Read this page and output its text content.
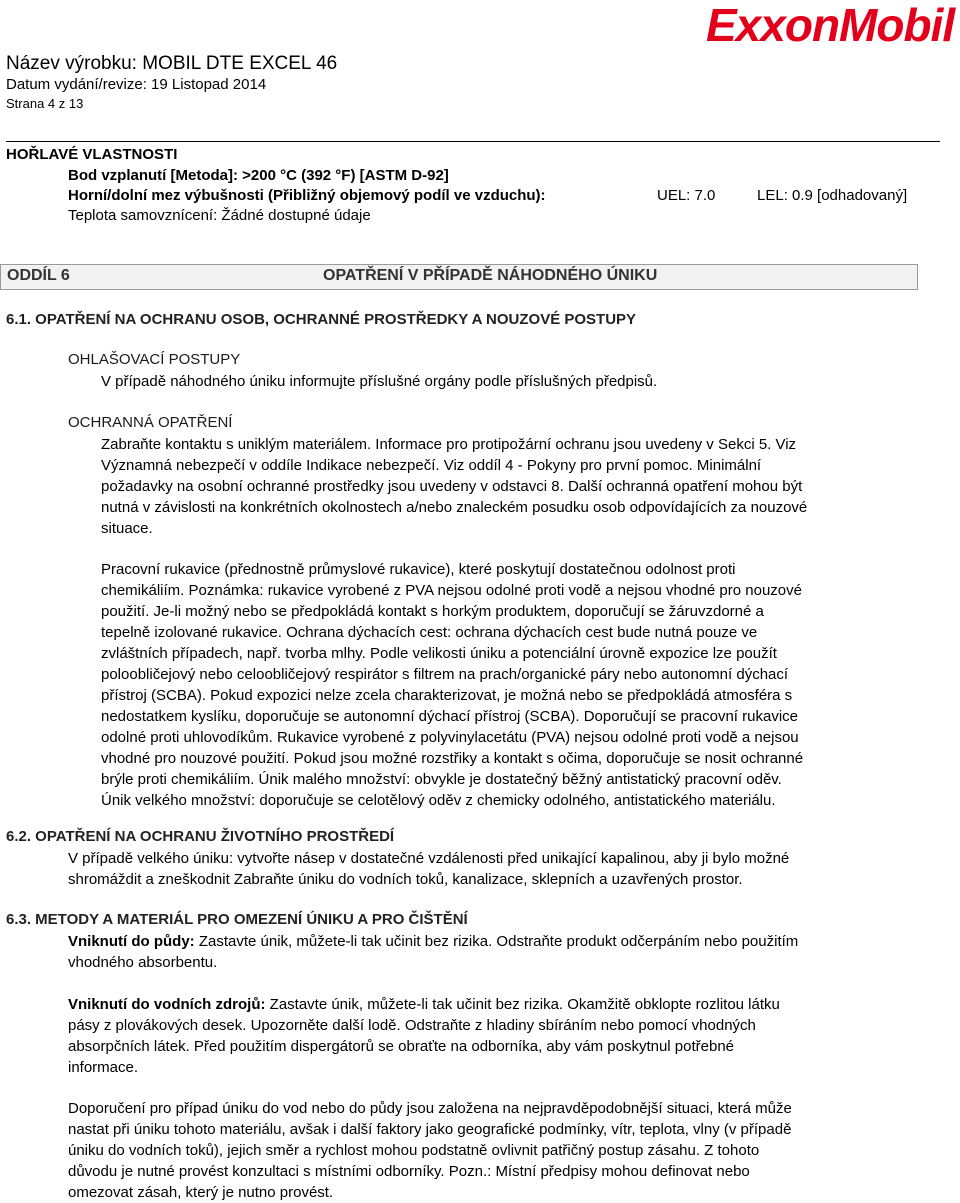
ExxonMobil
Název výrobku: MOBIL DTE EXCEL 46
Datum vydání/revize: 19 Listopad 2014
Strana 4 z 13
HOŘLAVÉ VLASTNOSTI
Bod vzplanutí [Metoda]: >200 °C (392 °F) [ASTM D-92]
Horní/dolní mez výbušnosti (Přibližný objemový podíl ve vzduchu):	UEL: 7.0	LEL: 0.9 [odhadovaný]
Teplota samovznícení: Žádné dostupné údaje
ODDÍL 6	OPATŘENÍ V PŘÍPADĚ NÁHODNÉHO ÚNIKU
6.1. OPATŘENÍ NA OCHRANU OSOB, OCHRANNÉ PROSTŘEDKY A NOUZOVÉ POSTUPY
OHLAŠOVACÍ POSTUPY
V případě náhodného úniku informujte příslušné orgány podle příslušných předpisů.
OCHRANNÁ OPATŘENÍ
Zabraňte kontaktu s uniklým materiálem. Informace pro protipožární ochranu jsou uvedeny v Sekci 5. Viz
Významná nebezpečí v oddíle Indikace nebezpečí. Viz oddíl 4 - Pokyny pro první pomoc. Minimální
požadavky na osobní ochranné prostředky jsou uvedeny v odstavci 8. Další ochranná opatření mohou být
nutná v závislosti na konkrétních okolnostech a/nebo znaleckém posudku osob odpovídajících za nouzové
situace.
Pracovní rukavice (přednostně průmyslové rukavice), které poskytují dostatečnou odolnost proti
chemikáliím. Poznámka: rukavice vyrobené z PVA nejsou odolné proti vodě a nejsou vhodné pro nouzové
použití. Je-li možný nebo se předpokládá kontakt s horkým produktem, doporučují se žáruvzdorné a
tepelně izolované rukavice. Ochrana dýchacích cest: ochrana dýchacích cest bude nutná pouze ve
zvláštních případech, např. tvorba mlhy. Podle velikosti úniku a potenciální úrovně expozice lze použít
polooblіčejový nebo celooblіčejový respirátor s filtrem na prach/organické páry nebo autonomní dýchací
přístroj (SCBA). Pokud expozici nelze zcela charakterizovat, je možná nebo se předpokládá atmosféra s
nedostatkem kyslíku, doporučuje se autonomní dýchací přístroj (SCBA). Doporučují se pracovní rukavice
odolné proti uhlovodíkům. Rukavice vyrobené z polyvinylacetátu (PVA) nejsou odolné proti vodě a nejsou
vhodné pro nouzové použití. Pokud jsou možné rozstřiky a kontakt s očima, doporučuje se nosit ochranné
brýle proti chemikáliím. Únik malého množství: obvykle je dostatečný běžný antistatický pracovní oděv.
Únik velkého množství: doporučuje se celotělový oděv z chemicky odolného, antistatického materiálu.
6.2. OPATŘENÍ NA OCHRANU ŽIVOTNÍHO PROSTŘEDÍ
V případě velkého úniku: vytvořte násep v dostatečné vzdálenosti před unikající kapalinou, aby ji bylo možné
shromáždit a zneškodnit Zabraňte úniku do vodních toků, kanalizace, sklepních a uzavřených prostor.
6.3. METODY A MATERIÁL PRO OMEZENÍ ÚNIKU A PRO ČIŠTĚNÍ
Vniknutí do půdy: Zastavte únik, můžete-li tak učinit bez rizika. Odstraňte produkt odčerpáním nebo použitím
vhodného absorbentu.
Vniknutí do vodních zdrojů: Zastavte únik, můžete-li tak učinit bez rizika. Okamžitě obklopte rozlitou látku
pásy z plovákových desek. Upozorněte další lodě. Odstraňte z hladiny sbíráním nebo pomocí vhodných
absorpčních látek. Před použitím dispergátorů se obraťte na odborníka, aby vám poskytnul potřebné
informace.
Doporučení pro případ úniku do vod nebo do půdy jsou založena na nejpravděpodobnější situaci, která může
nastat při úniku tohoto materiálu, avšak i další faktory jako geografické podmínky, vítr, teplota, vlny (v případě
úniku do vodních toků), jejich směr a rychlost mohou podstatně ovlivnit patřičný postup zásahu. Z tohoto
důvodu je nutné provést konzultaci s místními odborníky. Pozn.: Místní předpisy mohou definovat nebo
omezovat zásah, který je nutno provést.
